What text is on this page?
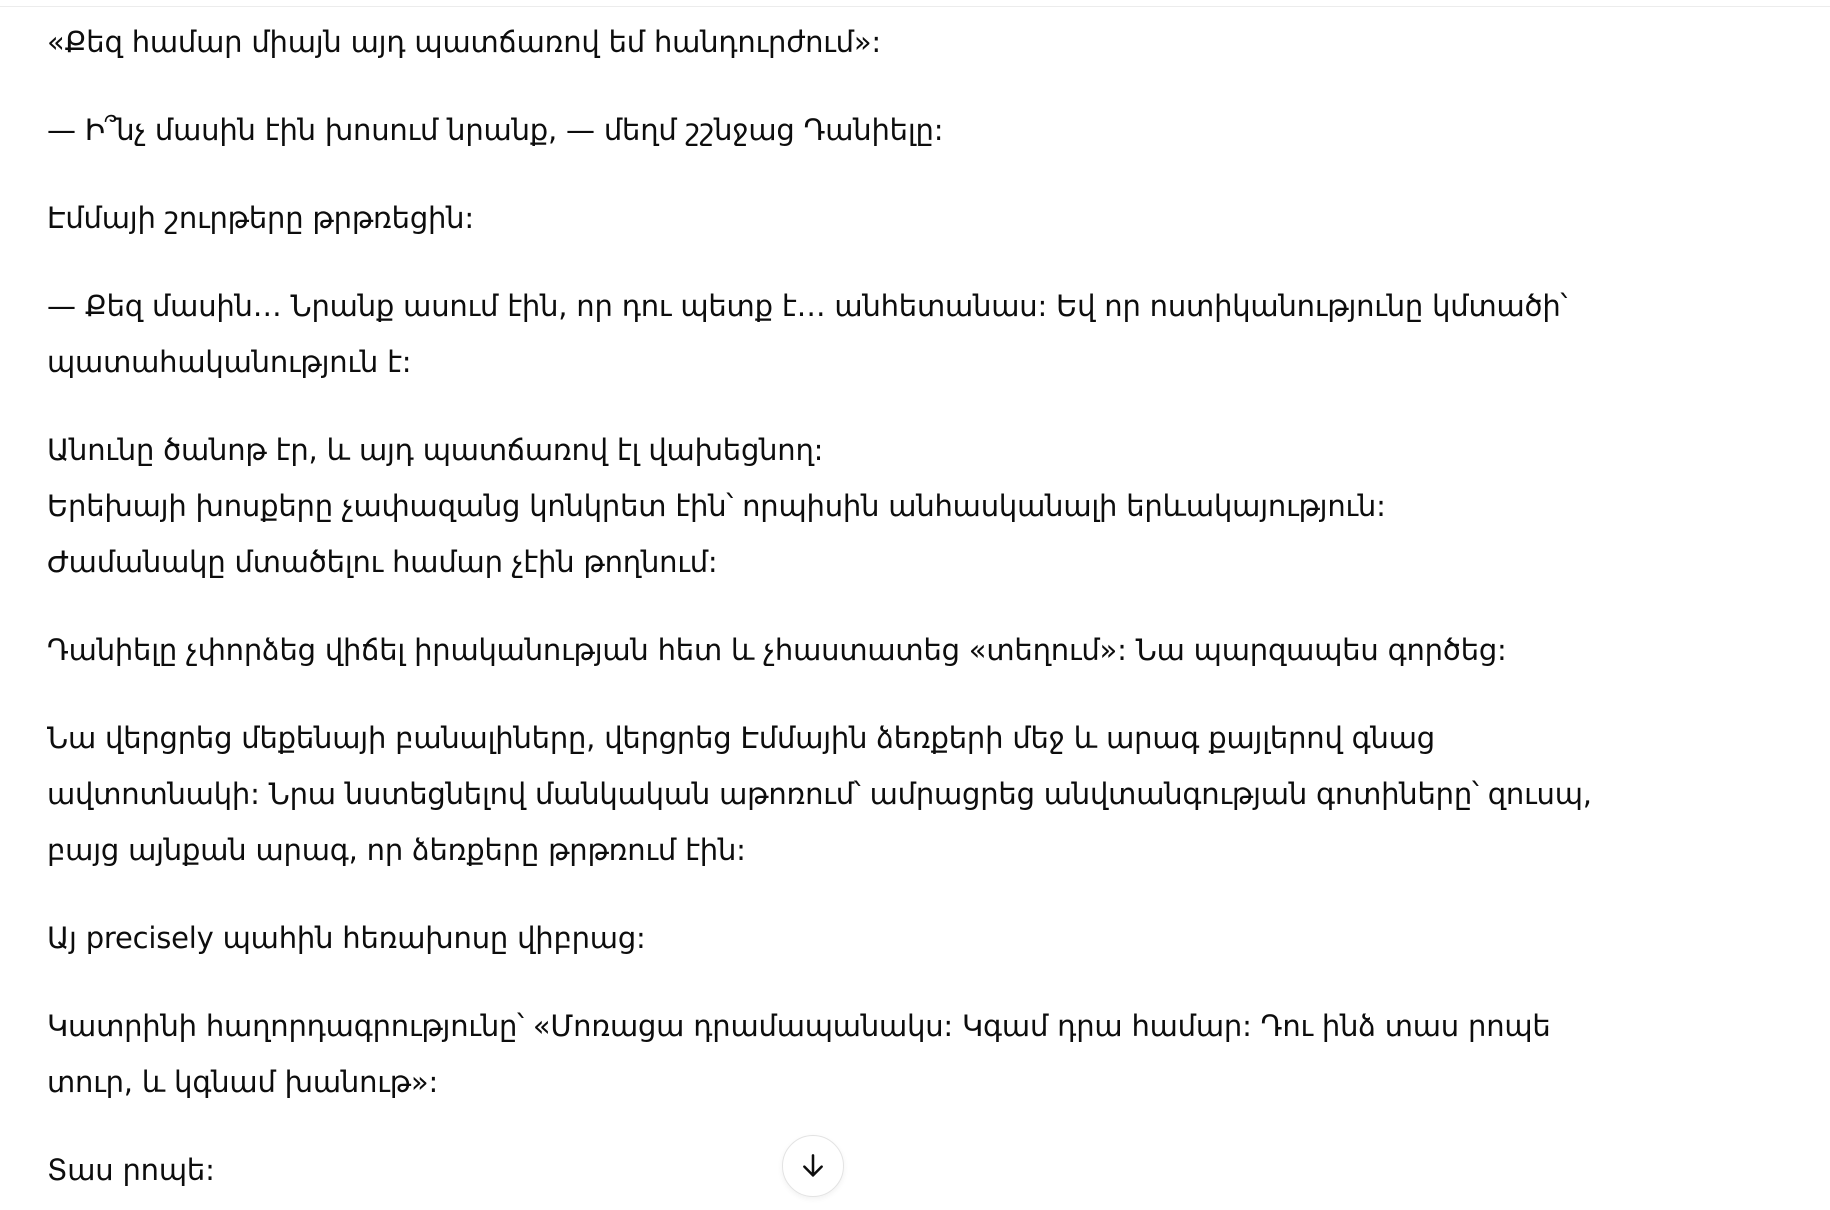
«Քեզ համար միայն այդ պատճառով եմ հանդուրժում»:

— Ի՞նչ մասին էին խոսում նրանք, — մեղմ շշնջաց Դանիելը:

Էմմայի շուրթերը թրթռեցին:

— Քեզ մասին… Նրանք ասում էին, որ դու պետք է… անհետանաս: Եվ որ ոստիկանությունը կմտածի՝
պատահականություն է:

Անունը ծանոթ էր, և այդ պատճառով էլ վախեցնող:
Երեխայի խոսքերը չափազանց կոնկրետ էին՝ որպիսին անհասկանալի երևակայություն:
Ժամանակը մտածելու համար չէին թողնում:

Դանիելը չփորձեց վիճել իրականության հետ և չհաստատեց «տեղում»: Նա պարզապես գործեց:

Նա վերցրեց մեքենայի բանալիները, վերցրեց Էմմային ձեռքերի մեջ և արագ քայլերով գնաց
ավտոտնակի: Նրա նստեցնելով մանկական աթոռում՝ ամրացրեց անվտանգության գոտիները՝ զուսպ,
բայց այնքան արագ, որ ձեռքերը թրթռում էին:

Այ precisely պահին հեռախոսը վիբրաց:

Կատրինի հաղորդագրությունը՝ «Մոռացա դրամապանակս: Կգամ դրա համար: Դու ինձ տաս րոպե
տուր, և կգնամ խանութ»:

Տաս րոպե:
